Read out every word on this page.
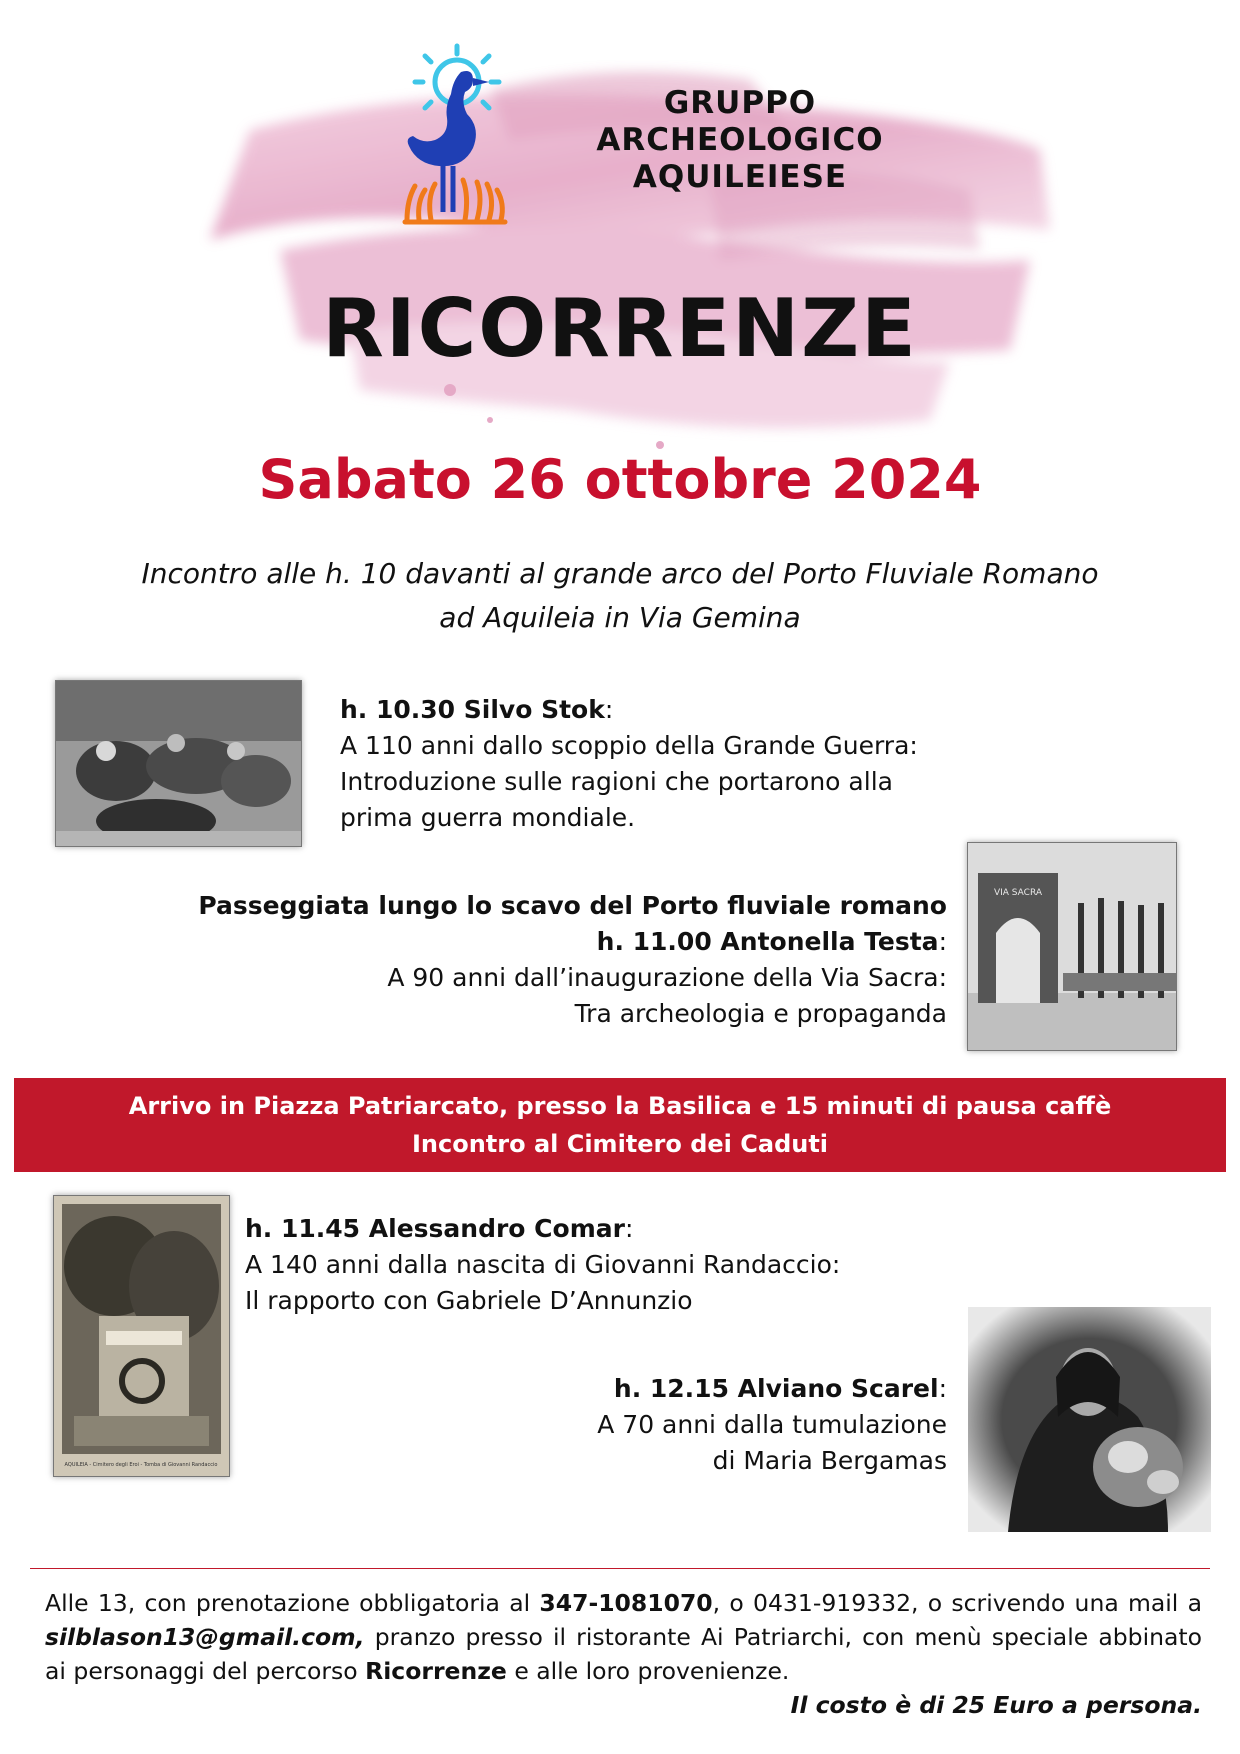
GRUPPO
ARCHEOLOGICO
AQUILEIESE
RICORRENZE
Sabato 26 ottobre 2024
Incontro alle h. 10 davanti al grande arco del Porto Fluviale Romano
ad Aquileia in Via Gemina
h. 10.30 Silvo Stok:
A 110 anni dallo scoppio della Grande Guerra:
Introduzione sulle ragioni che portarono alla
prima guerra mondiale.
VIA SACRA
Passeggiata lungo lo scavo del Porto fluviale romano
h. 11.00 Antonella Testa:
A 90 anni dall’inaugurazione della Via Sacra:
Tra archeologia e propaganda
Arrivo in Piazza Patriarcato, presso la Basilica e 15 minuti di pausa caffè
Incontro al Cimitero dei Caduti
AQUILEIA - Cimitero degli Eroi - Tomba di Giovanni Randaccio
h. 11.45 Alessandro Comar:
A 140 anni dalla nascita di Giovanni Randaccio:
Il rapporto con Gabriele D’Annunzio
h. 12.15 Alviano Scarel:
A 70 anni dalla tumulazione
di Maria Bergamas
Alle 13, con prenotazione obbligatoria al 347-1081070, o 0431-919332, o scrivendo una mail a silblason13@gmail.com, pranzo presso il ristorante Ai Patriarchi, con menù speciale abbinato ai personaggi del percorso Ricorrenze e alle loro provenienze.
Il costo è di 25 Euro a persona.
